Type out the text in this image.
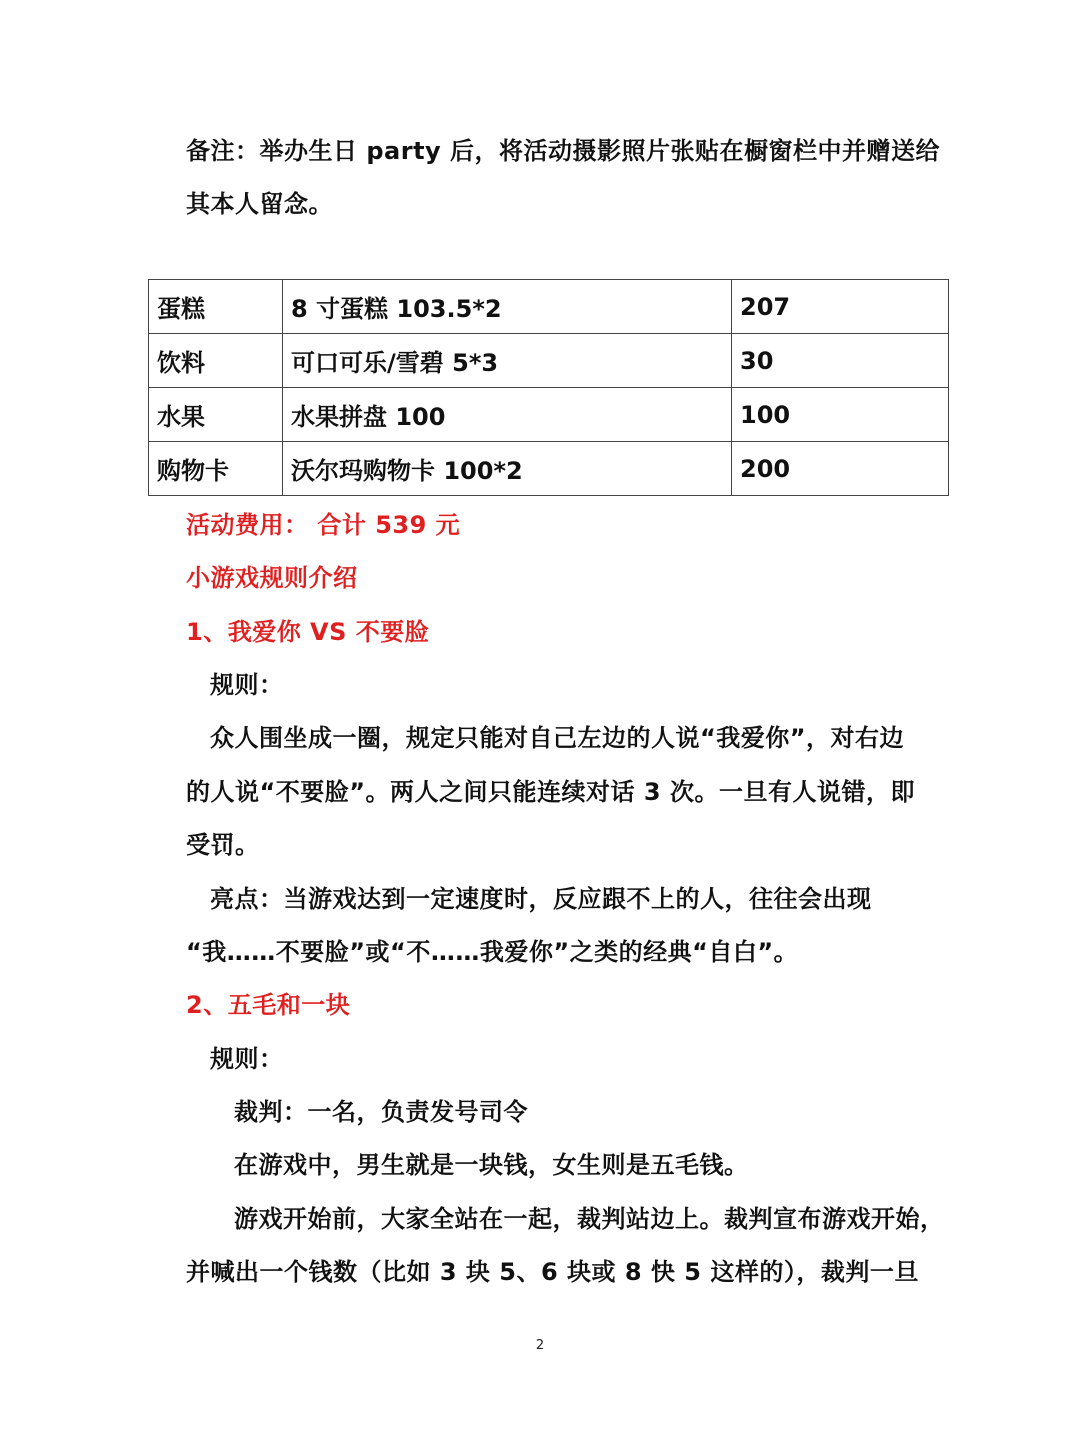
备注：举办生日 party 后，将活动摄影照片张贴在橱窗栏中并赠送给
其本人留念。
蛋糕	8 寸蛋糕 103.5*2	207
饮料	可口可乐/雪碧 5*3	30
水果	水果拼盘 100	100
购物卡	沃尔玛购物卡 100*2	200
活动费用： 合计 539 元
小游戏规则介绍
1、我爱你 VS 不要脸
规则：
众人围坐成一圈，规定只能对自己左边的人说“我爱你”，对右边
的人说“不要脸”。两人之间只能连续对话 3 次。一旦有人说错，即
受罚。
亮点：当游戏达到一定速度时，反应跟不上的人，往往会出现
“我……不要脸”或“不……我爱你”之类的经典“自白”。
2、五毛和一块
规则：
裁判：一名，负责发号司令
在游戏中，男生就是一块钱，女生则是五毛钱。
游戏开始前，大家全站在一起，裁判站边上。裁判宣布游戏开始，
并喊出一个钱数（比如 3 块 5、6 块或 8 快 5 这样的），裁判一旦
2
